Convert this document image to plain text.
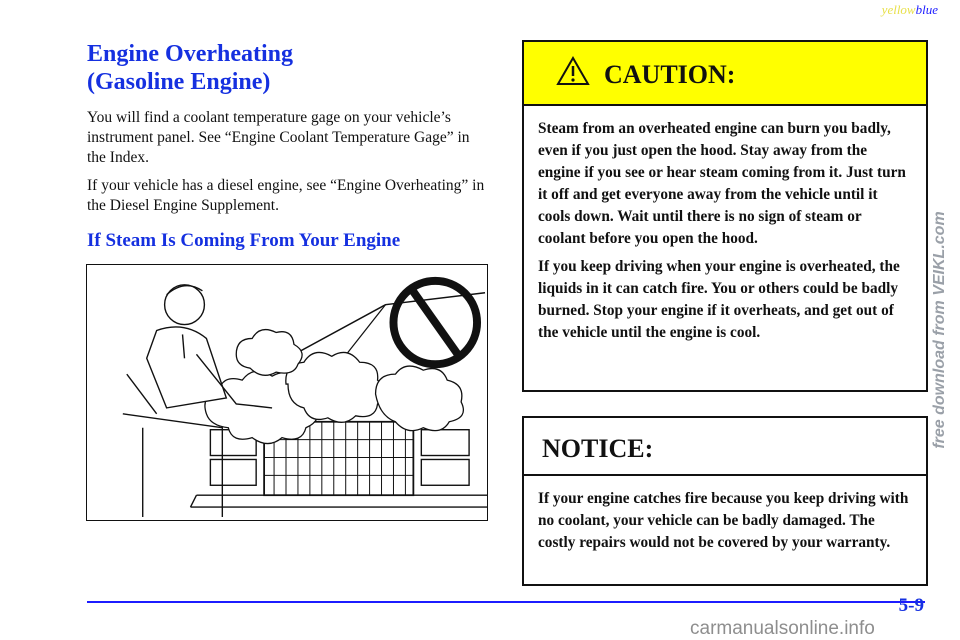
yellowblue
Engine Overheating
(Gasoline Engine)

You will find a coolant temperature gage on your vehicle’s instrument panel. See “Engine Coolant Temperature Gage” in the Index.

If your vehicle has a diesel engine, see “Engine Overheating” in the Diesel Engine Supplement.

If Steam Is Coming From Your Engine
CAUTION:

Steam from an overheated engine can burn you badly, even if you just open the hood. Stay away from the engine if you see or hear steam coming from it. Just turn it off and get everyone away from the vehicle until it cools down. Wait until there is no sign of steam or coolant before you open the hood.

If you keep driving when your engine is overheated, the liquids in it can catch fire. You or others could be badly burned. Stop your engine if it overheats, and get out of the vehicle until the engine is cool.

NOTICE:

If your engine catches fire because you keep driving with no coolant, your vehicle can be badly damaged. The costly repairs would not be covered by your warranty.

5-9
free download from VEIKL.com
carmanualsonline.info
